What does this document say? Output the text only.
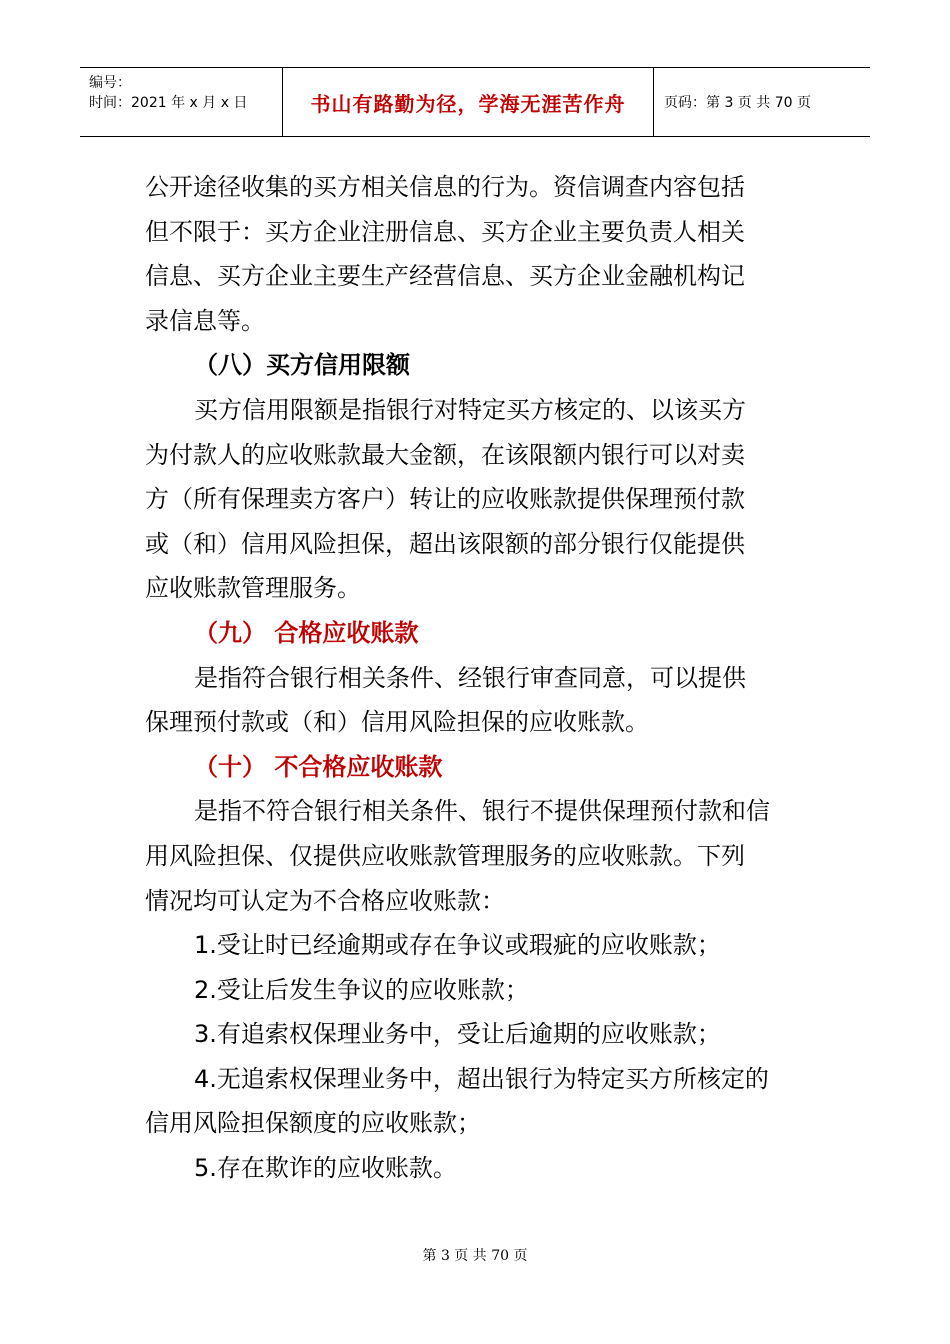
编号：
时间：2021 年 x 月 x 日	书山有路勤为径，学海无涯苦作舟	页码：第 3 页 共 70 页
公开途径收集的买方相关信息的行为。资信调查内容包括
但不限于：买方企业注册信息、买方企业主要负责人相关
信息、买方企业主要生产经营信息、买方企业金融机构记
录信息等。
（八）买方信用限额
买方信用限额是指银行对特定买方核定的、以该买方
为付款人的应收账款最大金额，在该限额内银行可以对卖
方（所有保理卖方客户）转让的应收账款提供保理预付款
或（和）信用风险担保，超出该限额的部分银行仅能提供
应收账款管理服务。
（九） 合格应收账款
是指符合银行相关条件、经银行审查同意，可以提供
保理预付款或（和）信用风险担保的应收账款。
（十） 不合格应收账款
是指不符合银行相关条件、银行不提供保理预付款和信
用风险担保、仅提供应收账款管理服务的应收账款。下列
情况均可认定为不合格应收账款：
1.受让时已经逾期或存在争议或瑕疵的应收账款；
2.受让后发生争议的应收账款；
3.有追索权保理业务中，受让后逾期的应收账款；
4.无追索权保理业务中，超出银行为特定买方所核定的
信用风险担保额度的应收账款；
5.存在欺诈的应收账款。
第 3 页 共 70 页
